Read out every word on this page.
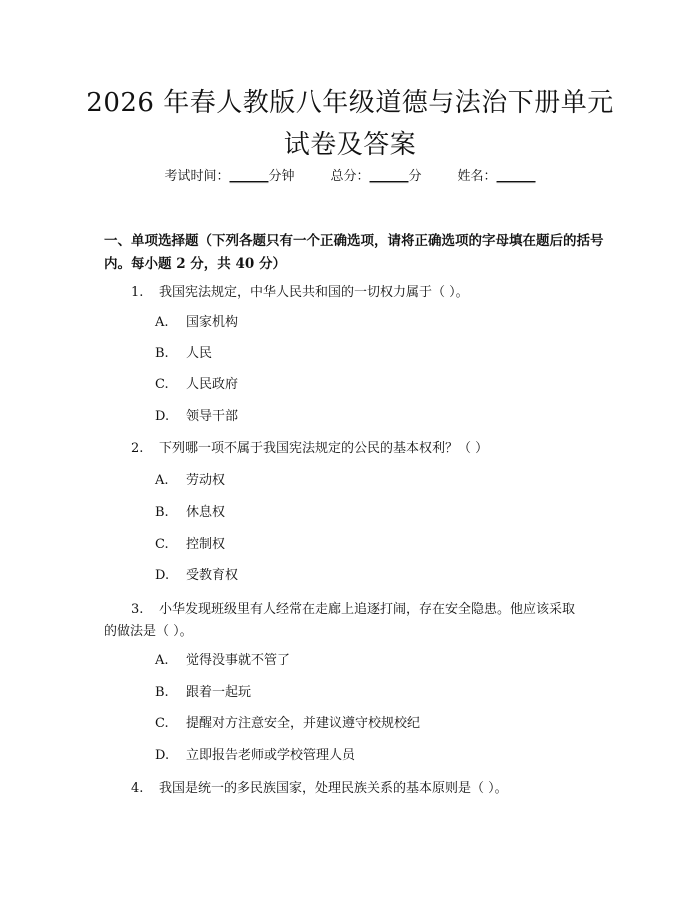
2026 年春人教版八年级道德与法治下册单元
试卷及答案
考试时间：______分钟	总分：______分	姓名：______
一、单项选择题（下列各题只有一个正确选项，请将正确选项的字母填在题后的括号内。每小题 2 分，共 40 分）
1. 我国宪法规定，中华人民共和国的一切权力属于（ ）。
A. 国家机构
B. 人民
C. 人民政府
D. 领导干部
2. 下列哪一项不属于我国宪法规定的公民的基本权利？（ ）
A. 劳动权
B. 休息权
C. 控制权
D. 受教育权
3. 小华发现班级里有人经常在走廊上追逐打闹，存在安全隐患。他应该采取
的做法是（ ）。
A. 觉得没事就不管了
B. 跟着一起玩
C. 提醒对方注意安全，并建议遵守校规校纪
D. 立即报告老师或学校管理人员
4. 我国是统一的多民族国家，处理民族关系的基本原则是（ ）。
